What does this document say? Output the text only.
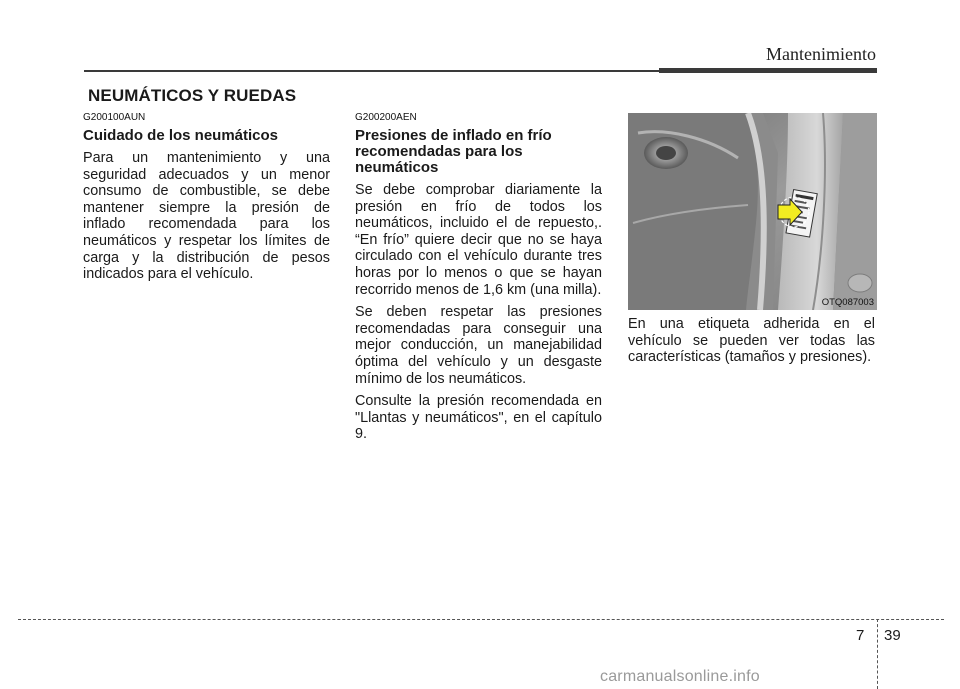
Mantenimiento
NEUMÁTICOS Y RUEDAS
G200100AUN
Cuidado de los neumáticos

Para un mantenimiento y una seguridad adecuados y un menor consumo de combustible, se debe mantener siempre la presión de inflado recomendada para los neumáticos y respetar los límites de carga y la distribución de pesos indicados para el vehículo.

G200200AEN
Presiones de inflado en frío recomendadas para los neumáticos

Se debe comprobar diariamente la presión en frío de todos los neumáticos, incluido el de repuesto,. “En frío” quiere decir que no se haya circulado con el vehículo durante tres horas por lo menos o que se hayan recorrido menos de 1,6 km (una milla).

Se deben respetar las presiones recomendadas para conseguir una mejor conducción, un manejabilidad óptima del vehículo y un desgaste mínimo de los neumáticos.

Consulte la presión recomendada en "Llantas y neumáticos", en el capítulo 9.

OTQ087003

En una etiqueta adherida en el vehículo se pueden ver todas las características (tamaños y presiones).

7 39
carmanualsonline.info
